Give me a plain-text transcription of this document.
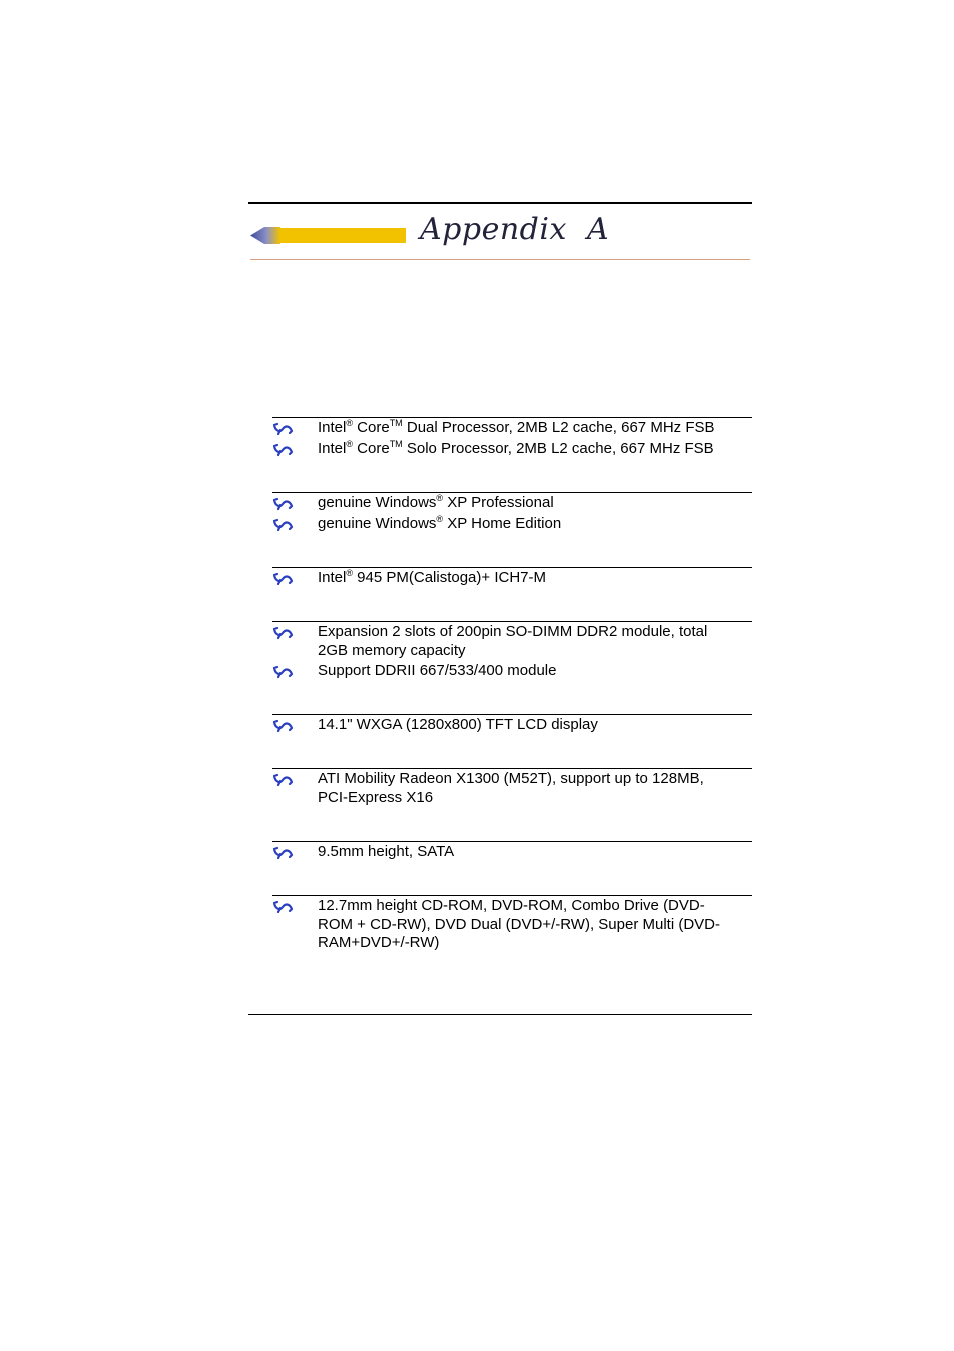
Appendix  A
Intel® Core™ Dual Processor, 2MB L2 cache, 667 MHz FSB
Intel® Core™ Solo Processor, 2MB L2 cache, 667 MHz FSB
genuine Windows® XP Professional
genuine Windows® XP Home Edition
Intel® 945 PM(Calistoga)+ ICH7-M
Expansion 2 slots of 200pin SO-DIMM DDR2 module, total
2GB memory capacity
Support DDRII 667/533/400 module
14.1" WXGA (1280x800) TFT LCD display
ATI Mobility Radeon X1300 (M52T), support up to 128MB,
PCI-Express X16
9.5mm height, SATA
12.7mm height CD-ROM, DVD-ROM, Combo Drive (DVD-
ROM + CD-RW), DVD Dual (DVD+/-RW), Super Multi (DVD-
RAM+DVD+/-RW)
